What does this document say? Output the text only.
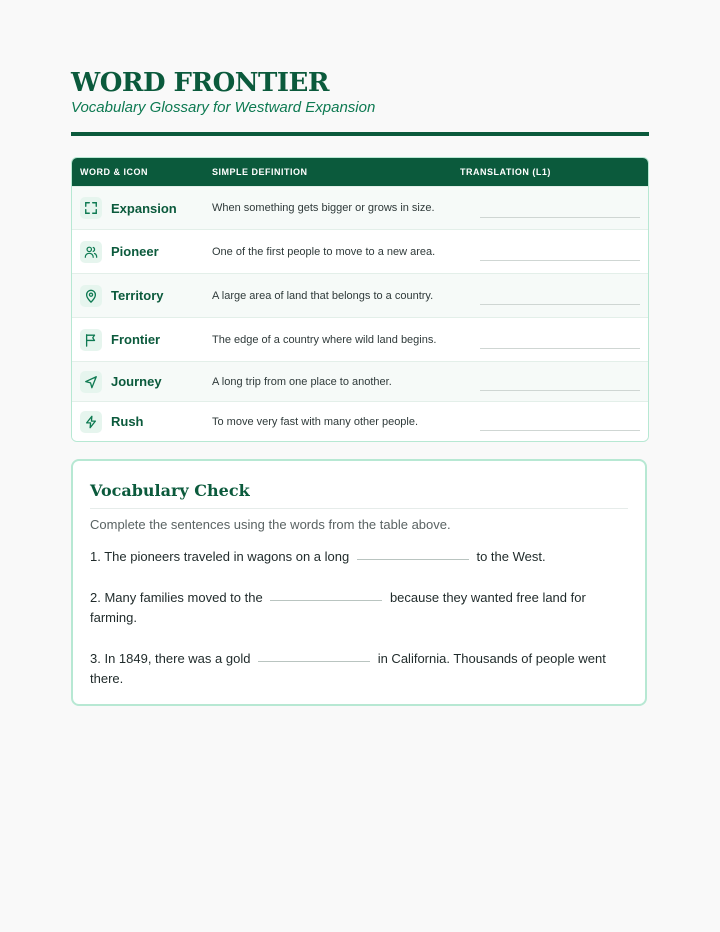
WORD FRONTIER

Vocabulary Glossary for Westward Expansion

WORD & ICON	SIMPLE DEFINITION	TRANSLATION (L1)
Expansion	When something gets bigger or grows in size.
Pioneer	One of the first people to move to a new area.
Territory	A large area of land that belongs to a country.
Frontier	The edge of a country where wild land begins.
Journey	A long trip from one place to another.
Rush	To move very fast with many other people.
Vocabulary Check
Complete the sentences using the words from the table above.
1. The pioneers traveled in wagons on a long	to the West.
2. Many families moved to the	because they wanted free land for farming.
3. In 1849, there was a gold	in California. Thousands of people went there.
